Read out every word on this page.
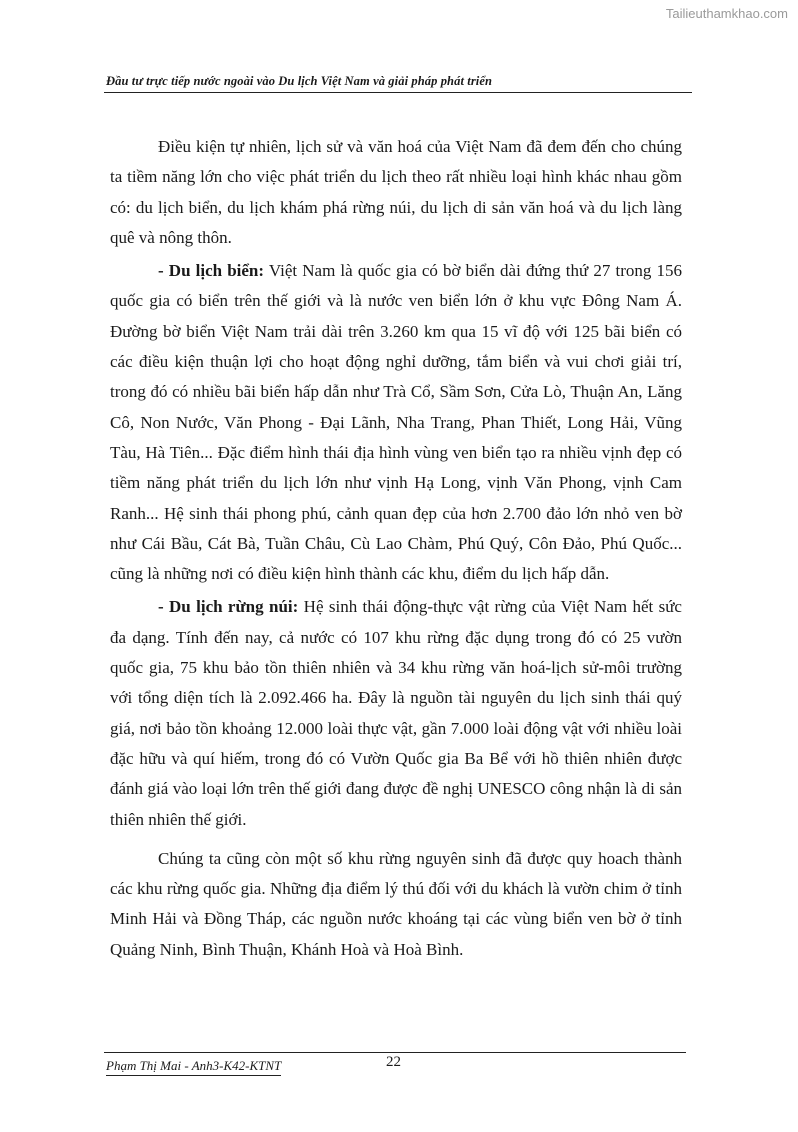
Tailieuthamkhao.com
Đầu tư trực tiếp nước ngoài vào Du lịch Việt Nam và giải pháp phát triển

Điều kiện tự nhiên, lịch sử và văn hoá của Việt Nam đã đem đến cho chúng ta tiềm năng lớn cho việc phát triển du lịch theo rất nhiều loại hình khác nhau gồm có: du lịch biển, du lịch khám phá rừng núi, du lịch di sản văn hoá và du lịch làng quê và nông thôn.

- Du lịch biển: Việt Nam là quốc gia có bờ biển dài đứng thứ 27 trong 156 quốc gia có biển trên thế giới và là nước ven biển lớn ở khu vực Đông Nam Á. Đường bờ biển Việt Nam trải dài trên 3.260 km qua 15 vĩ độ với 125 bãi biển có các điều kiện thuận lợi cho hoạt động nghỉ dưỡng, tắm biển và vui chơi giải trí, trong đó có nhiều bãi biển hấp dẫn như Trà Cổ, Sầm Sơn, Cửa Lò, Thuận An, Lăng Cô, Non Nước, Văn Phong - Đại Lãnh, Nha Trang, Phan Thiết, Long Hải, Vũng Tàu, Hà Tiên... Đặc điểm hình thái địa hình vùng ven biển tạo ra nhiều vịnh đẹp có tiềm năng phát triển du lịch lớn như vịnh Hạ Long, vịnh Văn Phong, vịnh Cam Ranh... Hệ sinh thái phong phú, cảnh quan đẹp của hơn 2.700 đảo lớn nhỏ ven bờ như Cái Bầu, Cát Bà, Tuần Châu, Cù Lao Chàm, Phú Quý, Côn Đảo, Phú Quốc... cũng là những nơi có điều kiện hình thành các khu, điểm du lịch hấp dẫn.

- Du lịch rừng núi: Hệ sinh thái động-thực vật rừng của Việt Nam hết sức đa dạng. Tính đến nay, cả nước có 107 khu rừng đặc dụng trong đó có 25 vườn quốc gia, 75 khu bảo tồn thiên nhiên và 34 khu rừng văn hoá-lịch sử-môi trường với tổng diện tích là 2.092.466 ha. Đây là nguồn tài nguyên du lịch sinh thái quý giá, nơi bảo tồn khoảng 12.000 loài thực vật, gần 7.000 loài động vật với nhiều loài đặc hữu và quí hiếm, trong đó có Vườn Quốc gia Ba Bể với hồ thiên nhiên được đánh giá vào loại lớn trên thế giới đang được đề nghị UNESCO công nhận là di sản thiên nhiên thế giới.

Chúng ta cũng còn một số khu rừng nguyên sinh đã được quy hoach thành các khu rừng quốc gia. Những địa điểm lý thú đối với du khách là vườn chim ở tỉnh Minh Hải và Đồng Tháp, các nguồn nước khoáng tại các vùng biển ven bờ ở tỉnh Quảng Ninh, Bình Thuận, Khánh Hoà và Hoà Bình.

Phạm Thị Mai - Anh3-K42-KTNT	22
